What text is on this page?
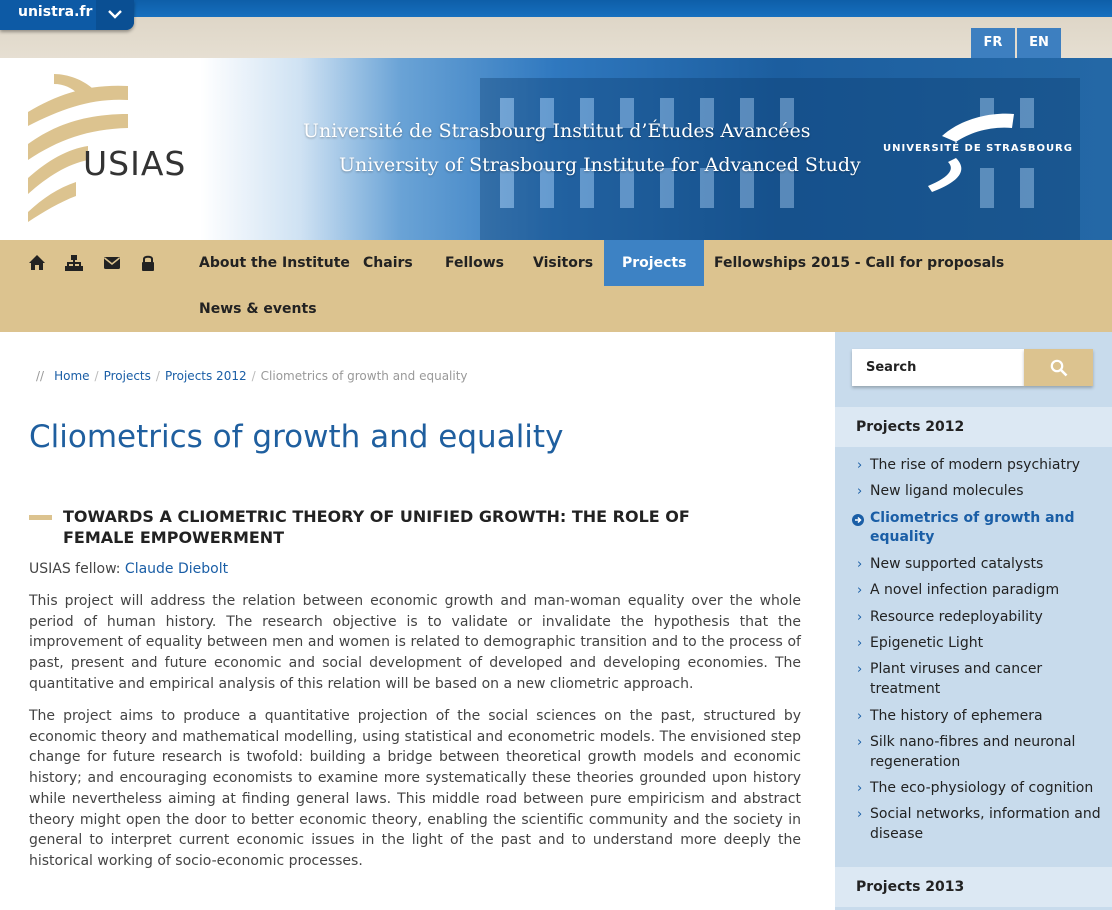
unistra.fr
FR	EN
USIAS
Université de Strasbourg Institut d’Études Avancées
University of Strasbourg Institute for Advanced Study
UNIVERSITÉ DE STRASBOURG
About the Institute Chairs	Fellows	Visitors	Projects	Fellowships 2015 - Call for proposals
News & events
// Home / Projects / Projects 2012 / Cliometrics of growth and equality
Cliometrics of growth and equality
TOWARDS A CLIOMETRIC THEORY OF UNIFIED GROWTH: THE ROLE OF FEMALE EMPOWERMENT
USIAS fellow: Claude Diebolt

This project will address the relation between economic growth and man-woman equality over the whole period of human history. The research objective is to validate or invalidate the hypothesis that the improvement of equality between men and women is related to demographic transition and to the process of past, present and future economic and social development of developed and developing economies. The quantitative and empirical analysis of this relation will be based on a new cliometric approach.

The project aims to produce a quantitative projection of the social sciences on the past, structured by economic theory and mathematical modelling, using statistical and econometric models. The envisioned step change for future research is twofold: building a bridge between theoretical growth models and economic history; and encouraging economists to examine more systematically these theories grounded upon history while nevertheless aiming at finding general laws. This middle road between pure empiricism and abstract theory might open the door to better economic theory, enabling the scientific community and the society in general to interpret current economic issues in the light of the past and to understand more deeply the historical working of socio-economic processes.

Search
Projects 2012
› The rise of modern psychiatry
› New ligand molecules
Cliometrics of growth and equality
› New supported catalysts
› A novel infection paradigm
› Resource redeployability
› Epigenetic Light
› Plant viruses and cancer treatment
› The history of ephemera
› Silk nano-fibres and neuronal regeneration
› The eco-physiology of cognition
› Social networks, information and disease
Projects 2013
